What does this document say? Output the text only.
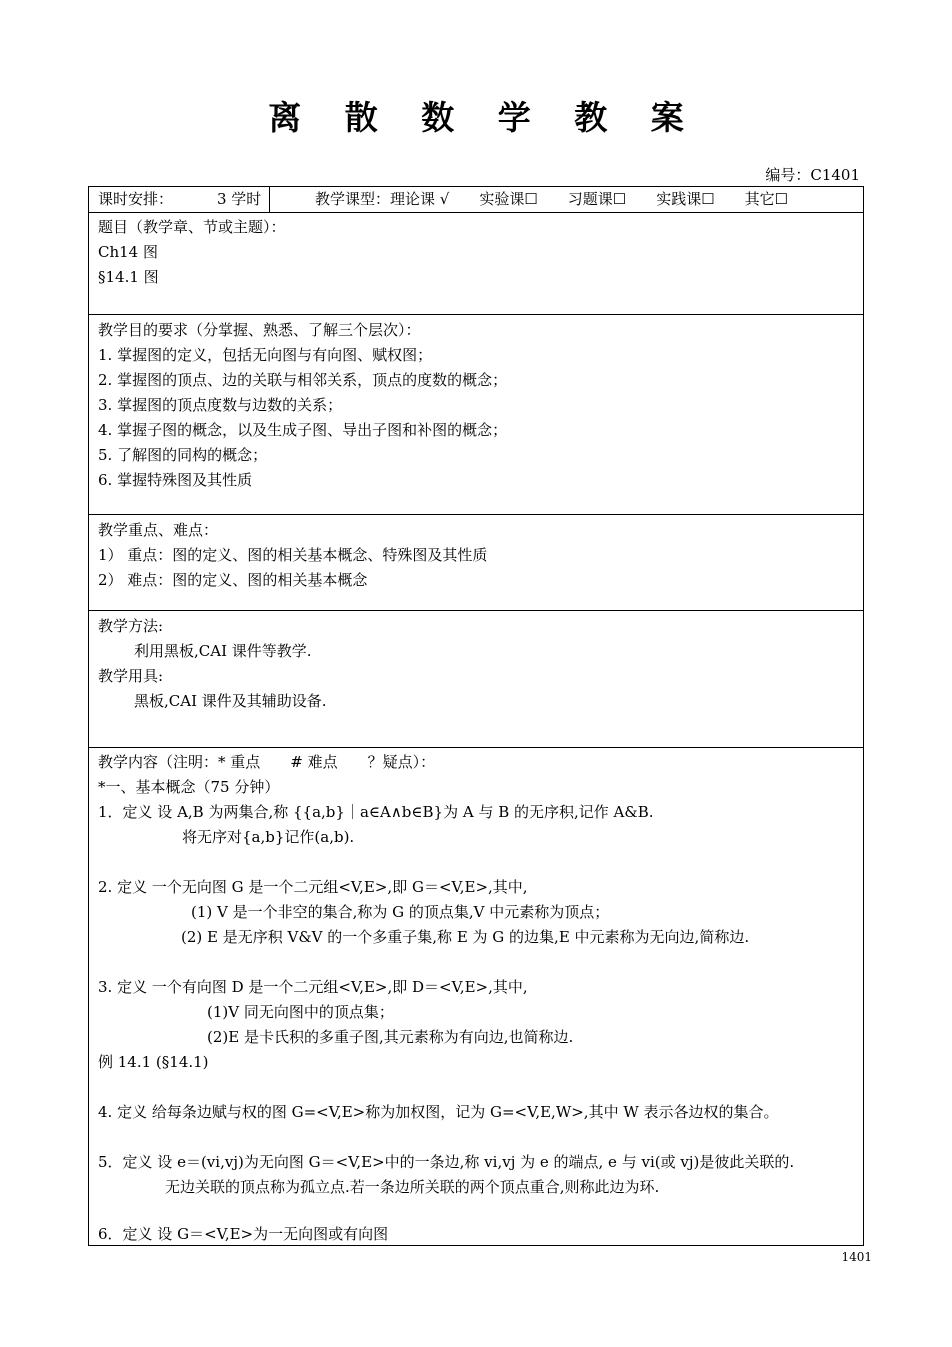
离 散 数 学 教 案
编号：C1401
课时安排：	3 学时	教学课型：理论课 √　　实验课☐　　习题课☐　　实践课☐　　其它☐
题目（教学章、节或主题）：
Ch14 图
§14.1 图
教学目的要求（分掌握、熟悉、了解三个层次）：
1. 掌握图的定义，包括无向图与有向图、赋权图；
2. 掌握图的顶点、边的关联与相邻关系，顶点的度数的概念；
3. 掌握图的顶点度数与边数的关系；
4. 掌握子图的概念，以及生成子图、导出子图和补图的概念；
5. 了解图的同构的概念；
6. 掌握特殊图及其性质
教学重点、难点：
1） 重点：图的定义、图的相关基本概念、特殊图及其性质
2） 难点：图的定义、图的相关基本概念
教学方法:
利用黑板,CAI 课件等教学.
教学用具:
黑板,CAI 课件及其辅助设备.
教学内容（注明：* 重点　　# 难点　　？疑点）：
*一、基本概念（75 分钟）
1．定义 设 A,B 为两集合,称 {{a,b}｜a∈A∧b∈B}为 A 与 B 的无序积,记作 A&B.
将无序对{a,b}记作(a,b).
2. 定义 一个无向图 G 是一个二元组<V,E>,即 G＝<V,E>,其中,
(1) V 是一个非空的集合,称为 G 的顶点集,V 中元素称为顶点；
(2) E 是无序积 V&V 的一个多重子集,称 E 为 G 的边集,E 中元素称为无向边,简称边.
3. 定义 一个有向图 D 是一个二元组<V,E>,即 D＝<V,E>,其中,
(1)V 同无向图中的顶点集；
(2)E 是卡氏积的多重子图,其元素称为有向边,也简称边.
例 14.1 (§14.1)
4. 定义 给每条边赋与权的图 G=<V,E>称为加权图，记为 G=<V,E,W>,其中 W 表示各边权的集合。
5．定义 设 e＝(vi,vj)为无向图 G＝<V,E>中的一条边,称 vi,vj 为 e 的端点, e 与 vi(或 vj)是彼此关联的.
无边关联的顶点称为孤立点.若一条边所关联的两个顶点重合,则称此边为环.
6．定义 设 G＝<V,E>为一无向图或有向图
1401
